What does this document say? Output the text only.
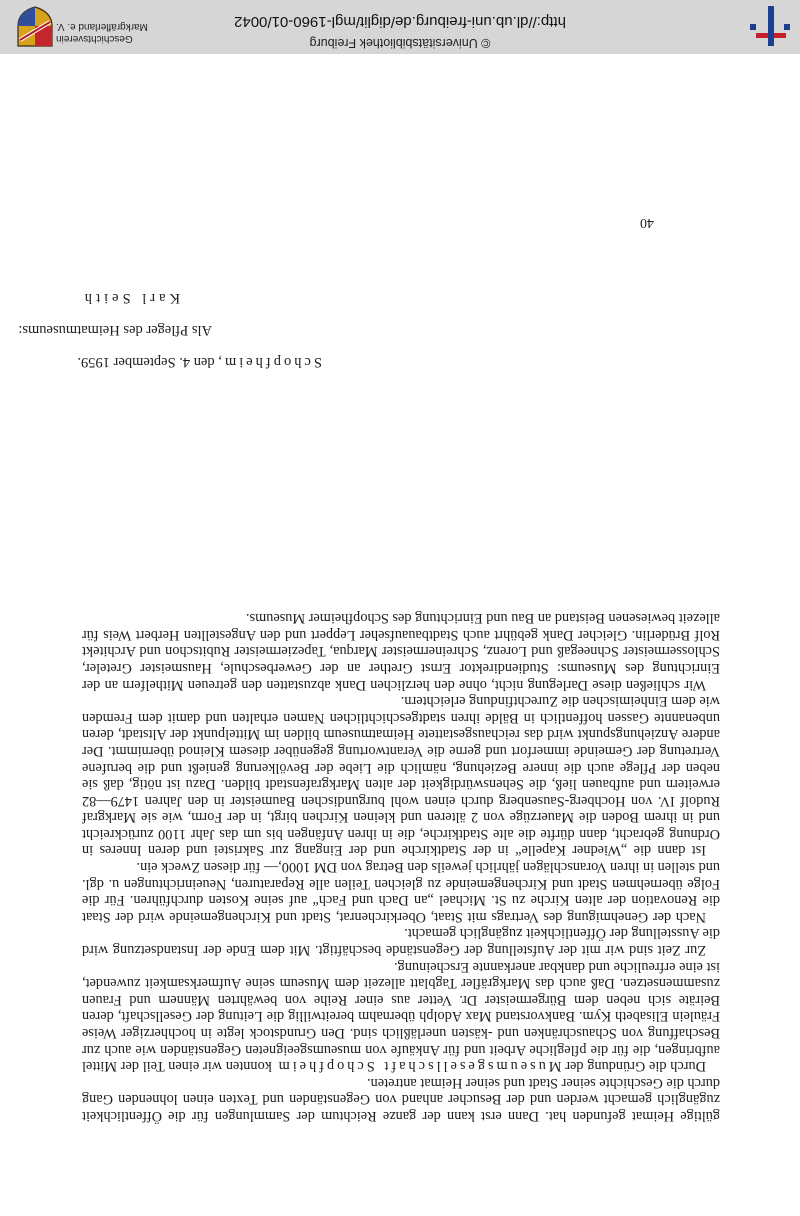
© Universitätsbibliothek Freiburg
http://dl.ub.uni-freiburg.de/diglit/mgl-1960-01/0042
Geschichtsverein
Markgräflerland e. V.

gültige Heimat gefunden hat. Dann erst kann der ganze Reichtum der Sammlungen für die Öffentlichkeit zugänglich gemacht werden und der Besucher anhand von Gegenständen und Texten einen lohnenden Gang durch die Geschichte seiner Stadt und seiner Heimat antreten.

Durch die Gründung der Museumsgesellschaft Schopfheim konnten wir einen Teil der Mittel aufbringen, die für die pflegliche Arbeit und für Ankäufe von museumsgeeigneten Gegenständen wie auch zur Beschaffung von Schauschränken und -kästen unerläßlich sind. Den Grundstock legte in hochherziger Weise Fräulein Elisabeth Kym. Bankvorstand Max Adolph übernahm bereitwillig die Leitung der Gesellschaft, deren Beiräte sich neben dem Bürgermeister Dr. Vetter aus einer Reihe von bewährten Männern und Frauen zusammensetzen. Daß auch das Markgräfler Tagblatt allezeit dem Museum seine Aufmerksamkeit zuwendet, ist eine erfreuliche und dankbar anerkannte Erscheinung.

Zur Zeit sind wir mit der Aufstellung der Gegenstände beschäftigt. Mit dem Ende der Instandsetzung wird die Ausstellung der Öffentlichkeit zugänglich gemacht.

Nach der Genehmigung des Vertrags mit Staat, Oberkirchenrat, Stadt und Kirchengemeinde wird der Staat die Renovation der alten Kirche zu St. Michael „an Dach und Fach“ auf seine Kosten durchführen. Für die Folge übernehmen Stadt und Kirchengemeinde zu gleichen Teilen alle Reparaturen, Neueinrichtungen u. dgl. und stellen in ihren Voranschlägen jährlich jeweils den Betrag von DM 1000,— für diesen Zweck ein.

Ist dann die „Wiedner Kapelle“ in der Stadtkirche und der Eingang zur Sakristei und deren Inneres in Ordnung gebracht, dann dürfte die alte Stadtkirche, die in ihren Anfängen bis um das Jahr 1100 zurückreicht und in ihrem Boden die Mauerzüge von 2 älteren und kleinen Kirchen birgt, in der Form, wie sie Markgraf Rudolf IV. von Hochberg-Sausenberg durch einen wohl burgundischen Baumeister in den Jahren 1479—82 erweitern und aufbauen ließ, die Sehenswürdigkeit der alten Markgrafenstadt bilden. Dazu ist nötig, daß sie neben der Pflege auch die innere Beziehung, nämlich die Liebe der Bevölkerung genießt und die berufene Vertretung der Gemeinde immerfort und gerne die Verantwortung gegenüber diesem Kleinod übernimmt. Der andere Anziehungspunkt wird das reichausgestattete Heimatmuseum bilden im Mittelpunkt der Altstadt, deren unbenannte Gassen hoffentlich in Bälde ihren stadtgeschichtlichen Namen erhalten und damit dem Fremden wie dem Einheimischen die Zurechtfindung erleichtern.

Wir schließen diese Darlegung nicht, ohne den herzlichen Dank abzustatten den getreuen Mithelfern an der Einrichtung des Museums: Studiendirektor Ernst Grether an der Gewerbeschule, Hausmeister Greteler, Schlossermeister Schneegaß und Lorenz, Schreinermeister Marqua, Tapeziermeister Rubitschon und Architekt Rolf Brüderlin. Gleicher Dank gebührt auch Stadtbauaufseher Leppert und den Angestellten Herbert Weis für allezeit bewiesenen Beistand an Bau und Einrichtung des Schopfheimer Museums.

Schopfheim, den 4. September 1959.
Als Pfleger des Heimatmuseums:
Karl Seith
40
